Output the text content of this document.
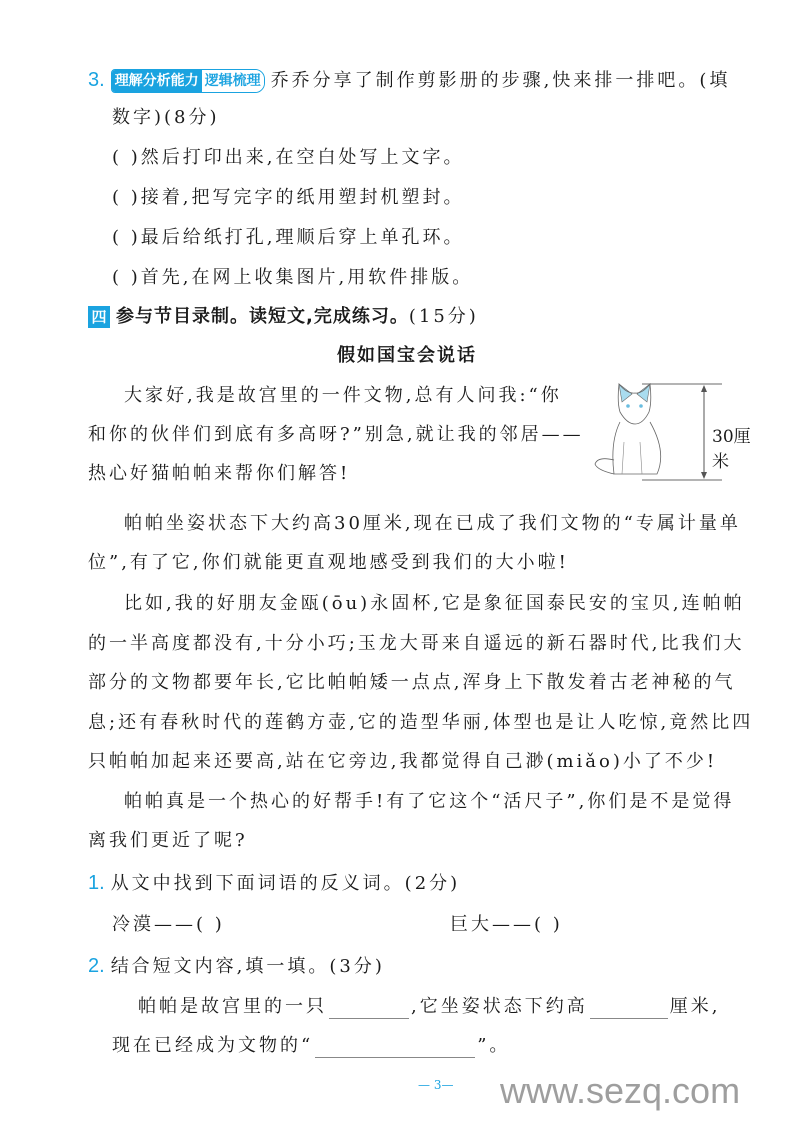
3. 理解分析能力 逻辑梳理 乔乔分享了制作剪影册的步骤,快来排一排吧。(填
数字)(8分)
( )然后打印出来,在空白处写上文字。
( )接着,把写完字的纸用塑封机塑封。
( )最后给纸打孔,理顺后穿上单孔环。
( )首先,在网上收集图片,用软件排版。
四 参与节目录制。读短文,完成练习。(15分)
假如国宝会说话
大家好,我是故宫里的一件文物,总有人问我:“你
和你的伙伴们到底有多高呀?”别急,就让我的邻居——
热心好猫帕帕来帮你们解答!
30厘米
帕帕坐姿状态下大约高30厘米,现在已成了我们文物的“专属计量单
位”,有了它,你们就能更直观地感受到我们的大小啦!
比如,我的好朋友金瓯(ōu)永固杯,它是象征国泰民安的宝贝,连帕帕
的一半高度都没有,十分小巧;玉龙大哥来自遥远的新石器时代,比我们大
部分的文物都要年长,它比帕帕矮一点点,浑身上下散发着古老神秘的气
息;还有春秋时代的莲鹤方壶,它的造型华丽,体型也是让人吃惊,竟然比四
只帕帕加起来还要高,站在它旁边,我都觉得自己渺(miǎo)小了不少!
帕帕真是一个热心的好帮手!有了它这个“活尺子”,你们是不是觉得
离我们更近了呢?
1. 从文中找到下面词语的反义词。(2分)
冷漠——( )	巨大——( )
2. 结合短文内容,填一填。(3分)
帕帕是故宫里的一只	,它坐姿状态下约高	厘米,
现在已经成为文物的“	”。
— 3— www.sezq.com
